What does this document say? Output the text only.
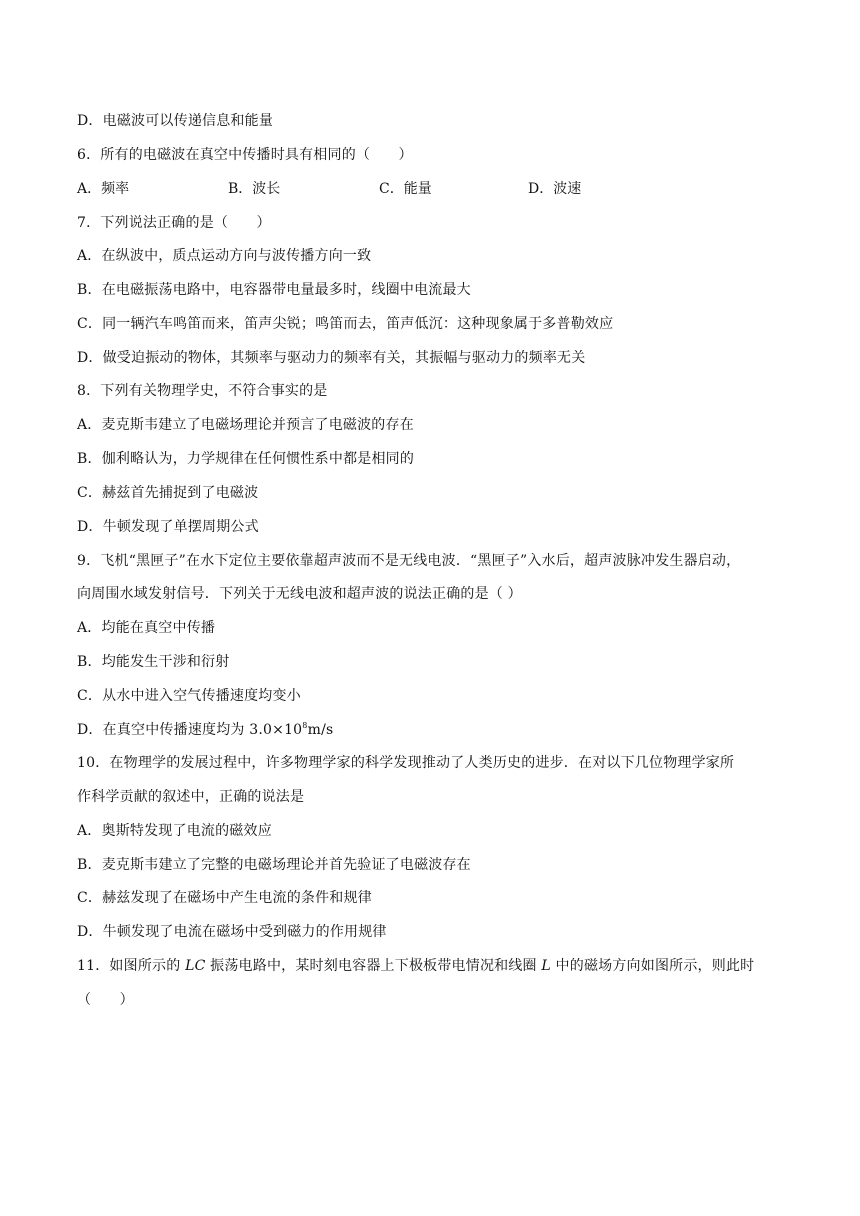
D．电磁波可以传递信息和能量
6．所有的电磁波在真空中传播时具有相同的（　　）
A．频率	B．波长	C．能量	D．波速
7．下列说法正确的是（　　）
A．在纵波中，质点运动方向与波传播方向一致
B．在电磁振荡电路中，电容器带电量最多时，线圈中电流最大
C．同一辆汽车鸣笛而来，笛声尖锐；鸣笛而去，笛声低沉：这种现象属于多普勒效应
D．做受迫振动的物体，其频率与驱动力的频率有关，其振幅与驱动力的频率无关
8．下列有关物理学史，不符合事实的是
A．麦克斯韦建立了电磁场理论并预言了电磁波的存在
B．伽利略认为，力学规律在任何惯性系中都是相同的
C．赫兹首先捕捉到了电磁波
D．牛顿发现了单摆周期公式
9．飞机“黑匣子”在水下定位主要依靠超声波而不是无线电波．“黑匣子”入水后，超声波脉冲发生器启动，
向周围水域发射信号．下列关于无线电波和超声波的说法正确的是（ ）
A．均能在真空中传播
B．均能发生干涉和衍射
C．从水中进入空气传播速度均变小
D．在真空中传播速度均为 $3.0\times 10^8m/s$
10．在物理学的发展过程中，许多物理学家的科学发现推动了人类历史的进步．在对以下几位物理学家所
作科学贡献的叙述中，正确的说法是
A．奥斯特发现了电流的磁效应
B．麦克斯韦建立了完整的电磁场理论并首先验证了电磁波存在
C．赫兹发现了在磁场中产生电流的条件和规律
D．牛顿发现了电流在磁场中受到磁力的作用规律
11．如图所示的 LC 振荡电路中，某时刻电容器上下极板带电情况和线圈 L 中的磁场方向如图所示，则此时
（　　）
